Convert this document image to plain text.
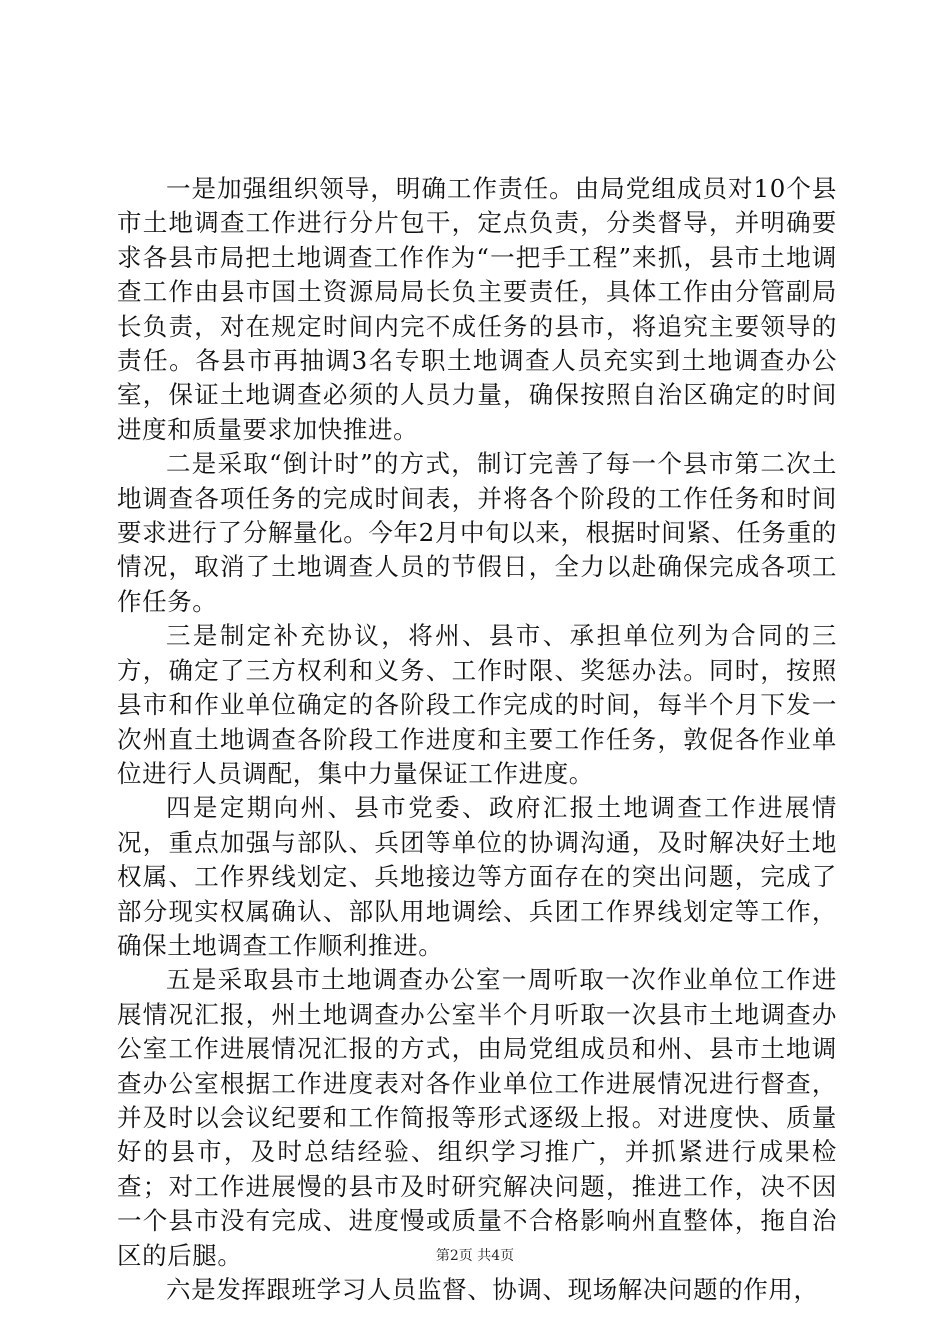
一是加强组织领导，明确工作责任。由局党组成员对10个县市土地调查工作进行分片包干，定点负责，分类督导，并明确要求各县市局把土地调查工作作为“一把手工程”来抓，县市土地调查工作由县市国土资源局局长负主要责任，具体工作由分管副局长负责，对在规定时间内完不成任务的县市，将追究主要领导的责任。各县市再抽调3名专职土地调查人员充实到土地调查办公室，保证土地调查必须的人员力量，确保按照自治区确定的时间进度和质量要求加快推进。

二是采取“倒计时”的方式，制订完善了每一个县市第二次土地调查各项任务的完成时间表，并将各个阶段的工作任务和时间要求进行了分解量化。今年2月中旬以来，根据时间紧、任务重的情况，取消了土地调查人员的节假日，全力以赴确保完成各项工作任务。

三是制定补充协议，将州、县市、承担单位列为合同的三方，确定了三方权利和义务、工作时限、奖惩办法。同时，按照县市和作业单位确定的各阶段工作完成的时间，每半个月下发一次州直土地调查各阶段工作进度和主要工作任务，敦促各作业单位进行人员调配，集中力量保证工作进度。

四是定期向州、县市党委、政府汇报土地调查工作进展情况，重点加强与部队、兵团等单位的协调沟通，及时解决好土地权属、工作界线划定、兵地接边等方面存在的突出问题，完成了部分现实权属确认、部队用地调绘、兵团工作界线划定等工作，确保土地调查工作顺利推进。

五是采取县市土地调查办公室一周听取一次作业单位工作进展情况汇报，州土地调查办公室半个月听取一次县市土地调查办公室工作进展情况汇报的方式，由局党组成员和州、县市土地调查办公室根据工作进度表对各作业单位工作进展情况进行督查，并及时以会议纪要和工作简报等形式逐级上报。对进度快、质量好的县市，及时总结经验、组织学习推广，并抓紧进行成果检查；对工作进展慢的县市及时研究解决问题，推进工作，决不因一个县市没有完成、进度慢或质量不合格影响州直整体，拖自治区的后腿。

六是发挥跟班学习人员监督、协调、现场解决问题的作用，

第2页 共4页
